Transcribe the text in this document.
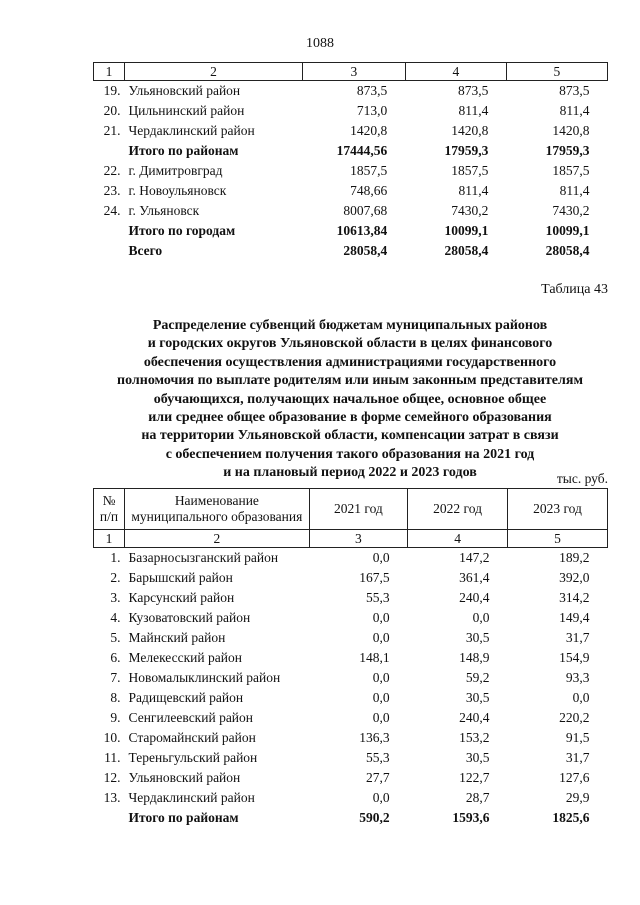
1088
1	2	3	4	5
19.	Ульяновский район	873,5	873,5	873,5
20.	Цильнинский район	713,0	811,4	811,4
21.	Чердаклинский район	1420,8	1420,8	1420,8
	Итого по районам	17444,56	17959,3	17959,3
22.	г. Димитровград	1857,5	1857,5	1857,5
23.	г. Новоульяновск	748,66	811,4	811,4
24.	г. Ульяновск	8007,68	7430,2	7430,2
	Итого по городам	10613,84	10099,1	10099,1
	Всего	28058,4	28058,4	28058,4
Таблица 43
Распределение субвенций бюджетам муниципальных районов
и городских округов Ульяновской области в целях финансового
обеспечения осуществления администрациями государственного
полномочия по выплате родителям или иным законным представителям
обучающихся, получающих начальное общее, основное общее
или среднее общее образование в форме семейного образования
на территории Ульяновской области, компенсации затрат в связи
с обеспечением получения такого образования на 2021 год
и на плановый период 2022 и 2023 годов	тыс. руб.
№ п/п	Наименование муниципального образования	2021 год	2022 год	2023 год
1	2	3	4	5
1.	Базарносызганский район	0,0	147,2	189,2
2.	Барышский район	167,5	361,4	392,0
3.	Карсунский район	55,3	240,4	314,2
4.	Кузоватовский район	0,0	0,0	149,4
5.	Майнский район	0,0	30,5	31,7
6.	Мелекесский район	148,1	148,9	154,9
7.	Новомалыклинский район	0,0	59,2	93,3
8.	Радищевский район	0,0	30,5	0,0
9.	Сенгилеевский район	0,0	240,4	220,2
10.	Старомайнский район	136,3	153,2	91,5
11.	Тереньгульский район	55,3	30,5	31,7
12.	Ульяновский район	27,7	122,7	127,6
13.	Чердаклинский район	0,0	28,7	29,9
	Итого по районам	590,2	1593,6	1825,6
